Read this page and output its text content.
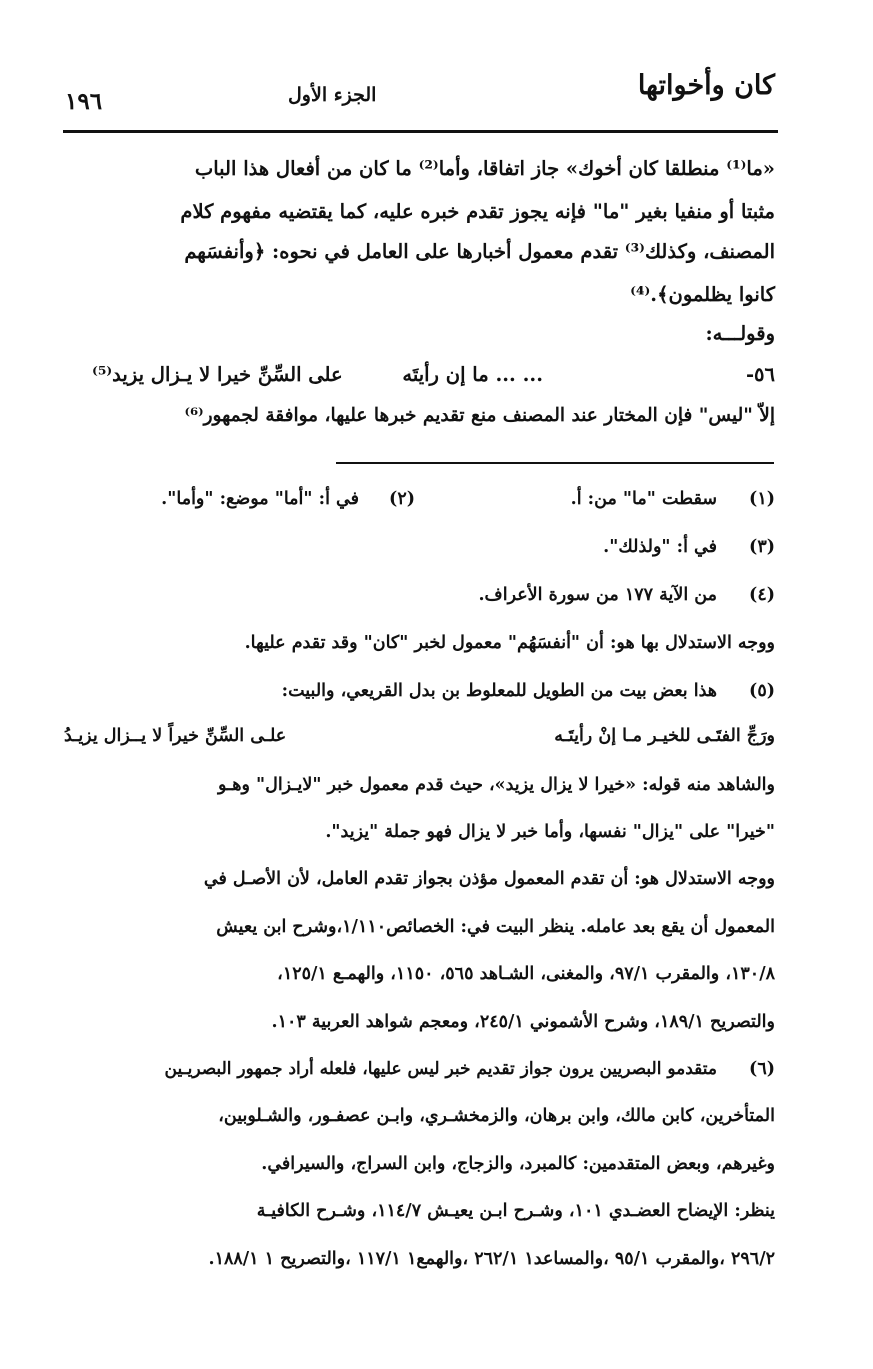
كان وأخواتها
الجزء الأول
١٩٦
«ما⁽¹⁾ منطلقا كان أخوك» جاز اتفاقا، وأما⁽²⁾ ما كان من أفعال هذا الباب
مثبتا أو منفيا بغير "ما" فإنه يجوز تقدم خبره عليه، كما يقتضيه مفهوم كلام
المصنف، وكذلك⁽³⁾ تقدم معمول أخبارها على العامل في نحوه: ﴿وأنفسَهم
كانوا يظلمون﴾.⁽⁴⁾
وقولـــه:
٥٦-
... ... ما إن رأيتَه
على السِّنِّ خيرا لا يـزال يزيد⁽⁵⁾
إلاّ "ليس" فإن المختار عند المصنف منع تقديم خبرها عليها، موافقة لجمهور⁽⁶⁾
(١)
سقطت "ما" من: أ.
(٢)
في أ: "أما" موضع: "وأما".
(٣)
في أ: "ولذلك".
(٤)
من الآية ١٧٧ من سورة الأعراف.
ووجه الاستدلال بها هو: أن "أنفسَهُم" معمول لخبر "كان" وقد تقدم عليها.
(٥)
هذا بعض بيت من الطويل للمعلوط بن بدل القريعي، والبيت:
ورَجِّ الفتَـى للخيـر مـا إنْ رأيتَـه
علـى السِّنِّ خيراً لا يــزال يزيـدُ
والشاهد منه قوله: «خيرا لا يزال يزيد»، حيث قدم معمول خبر "لايـزال" وهـو
"خيرا" على "يزال" نفسها، وأما خبر لا يزال فهو جملة "يزيد".
ووجه الاستدلال هو: أن تقدم المعمول مؤذن بجواز تقدم العامل، لأن الأصـل في
المعمول أن يقع بعد عامله. ينظر البيت في: الخصائص١/١١٠،وشرح ابن يعيش
١٣٠/٨، والمقرب ٩٧/١، والمغنى، الشـاهد ٥٦٥، ١١٥٠، والهمـع ١٢٥/١،
والتصريح ١٨٩/١، وشرح الأشموني ٢٤٥/١، ومعجم شواهد العربية ١٠٣.
(٦)
متقدمو البصريين يرون جواز تقديم خبر ليس عليها، فلعله أراد جمهور البصريـين
المتأخرين، كابن مالك، وابن برهان، والزمخشـري، وابـن عصفـور، والشـلوبين،
وغيرهم، وبعض المتقدمين: كالمبرد، والزجاج، وابن السراج، والسيرافي.
ينظر: الإيضاح العضـدي ١٠١، وشـرح ابـن يعيـش ١١٤/٧، وشـرح الكافيـة
٢٩٦/٢ ،والمقرب ٩٥/١ ،والمساعد١ ٢٦٢/١ ،والهمع١ ١١٧/١ ،والتصريح ١ ١٨٨/١.
